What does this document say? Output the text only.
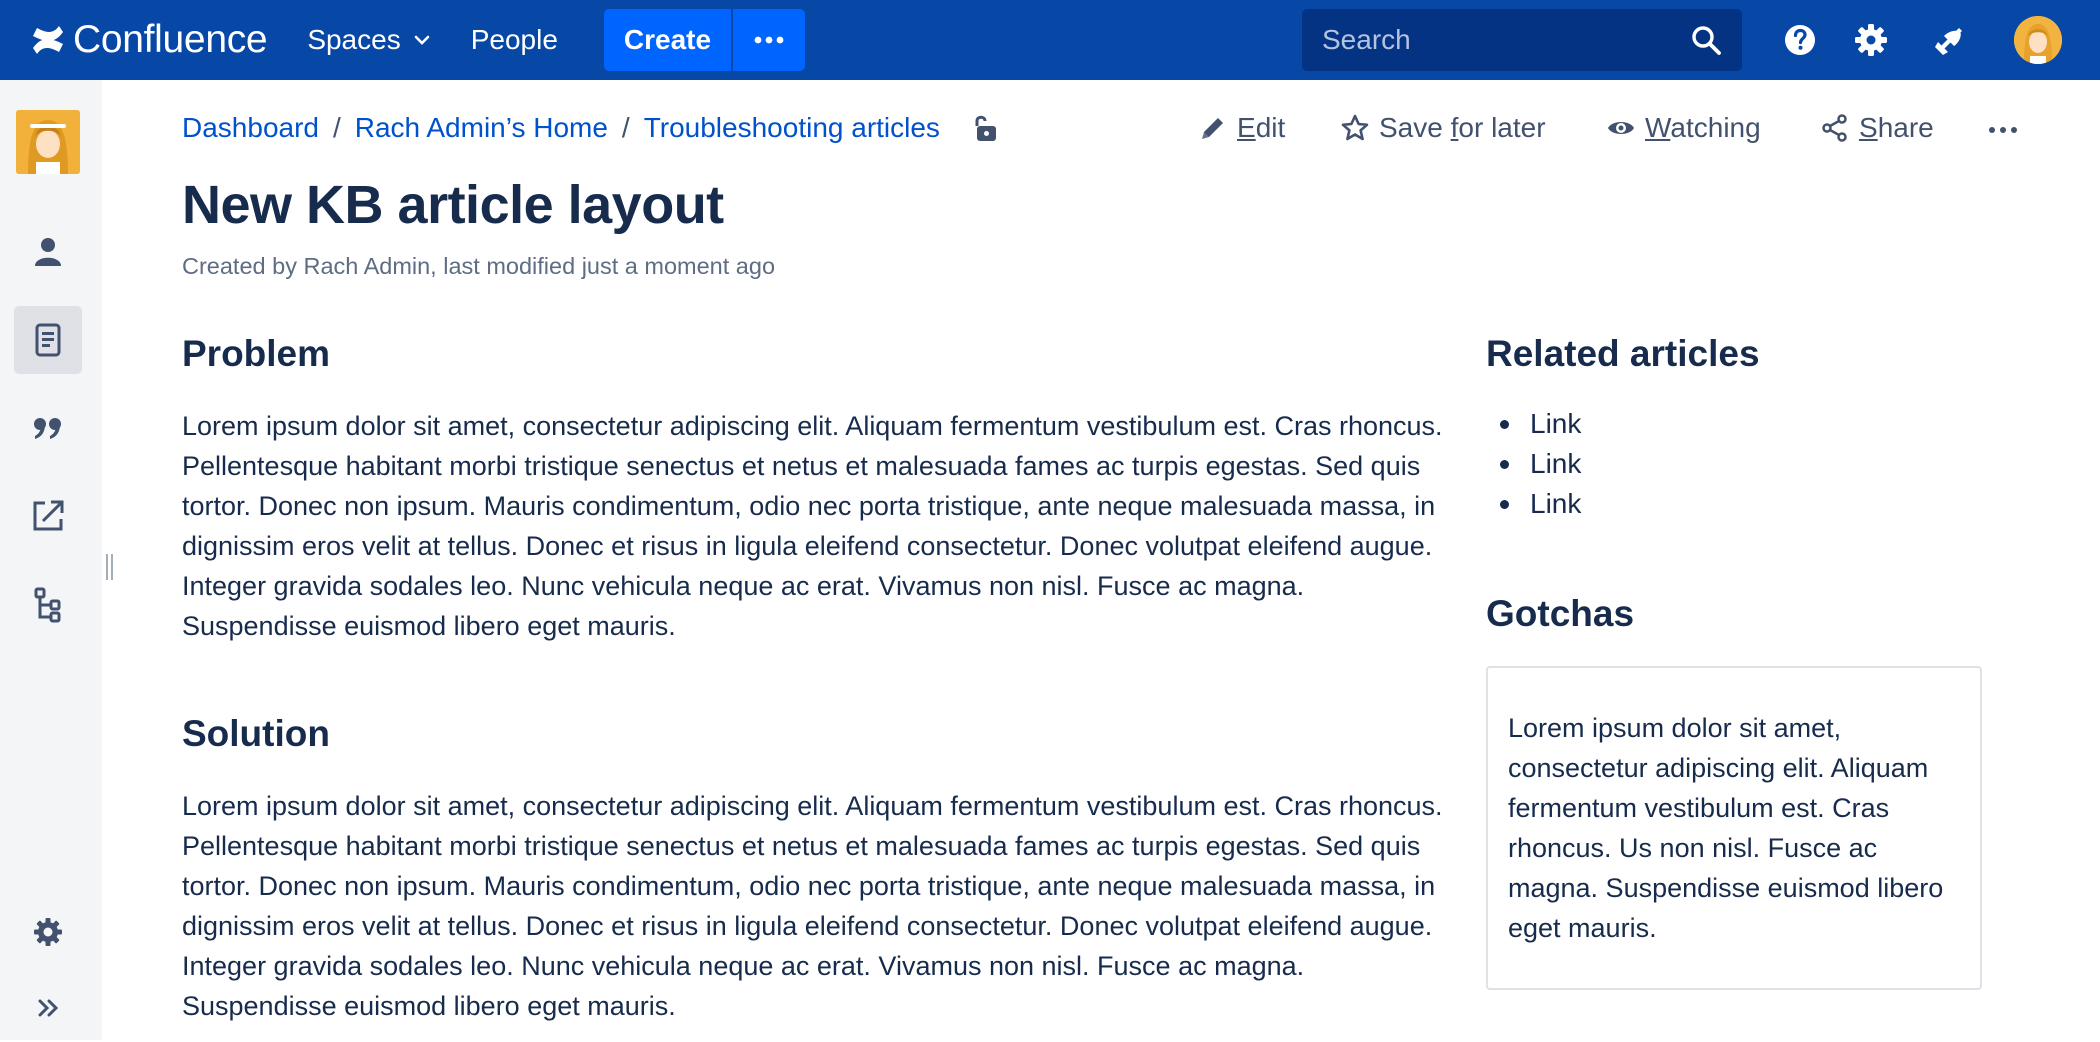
Confluence Spaces	People	Create	Search
Dashboard / Rach Admin’s Home / Troubleshooting articles	Edit	Save for later	Watching	Share
New KB article layout
Created by Rach Admin, last modified just a moment ago
Problem

Lorem ipsum dolor sit amet, consectetur adipiscing elit. Aliquam fermentum vestibulum est. Cras rhoncus. Pellentesque habitant morbi tristique senectus et netus et malesuada fames ac turpis egestas. Sed quis tortor. Donec non ipsum. Mauris condimentum, odio nec porta tristique, ante neque malesuada massa, in dignissim eros velit at tellus. Donec et risus in ligula eleifend consectetur. Donec volutpat eleifend augue. Integer gravida sodales leo. Nunc vehicula neque ac erat. Vivamus non nisl. Fusce ac magna. Suspendisse euismod libero eget mauris.

Solution

Lorem ipsum dolor sit amet, consectetur adipiscing elit. Aliquam fermentum vestibulum est. Cras rhoncus. Pellentesque habitant morbi tristique senectus et netus et malesuada fames ac turpis egestas. Sed quis tortor. Donec non ipsum. Mauris condimentum, odio nec porta tristique, ante neque malesuada massa, in dignissim eros velit at tellus. Donec et risus in ligula eleifend consectetur. Donec volutpat eleifend augue. Integer gravida sodales leo. Nunc vehicula neque ac erat. Vivamus non nisl. Fusce ac magna. Suspendisse euismod libero eget mauris.

Related articles
Link
Link
Link
Gotchas

Lorem ipsum dolor sit amet, consectetur adipiscing elit. Aliquam fermentum vestibulum est. Cras rhoncus. Us non nisl. Fusce ac magna. Suspendisse euismod libero eget mauris.
